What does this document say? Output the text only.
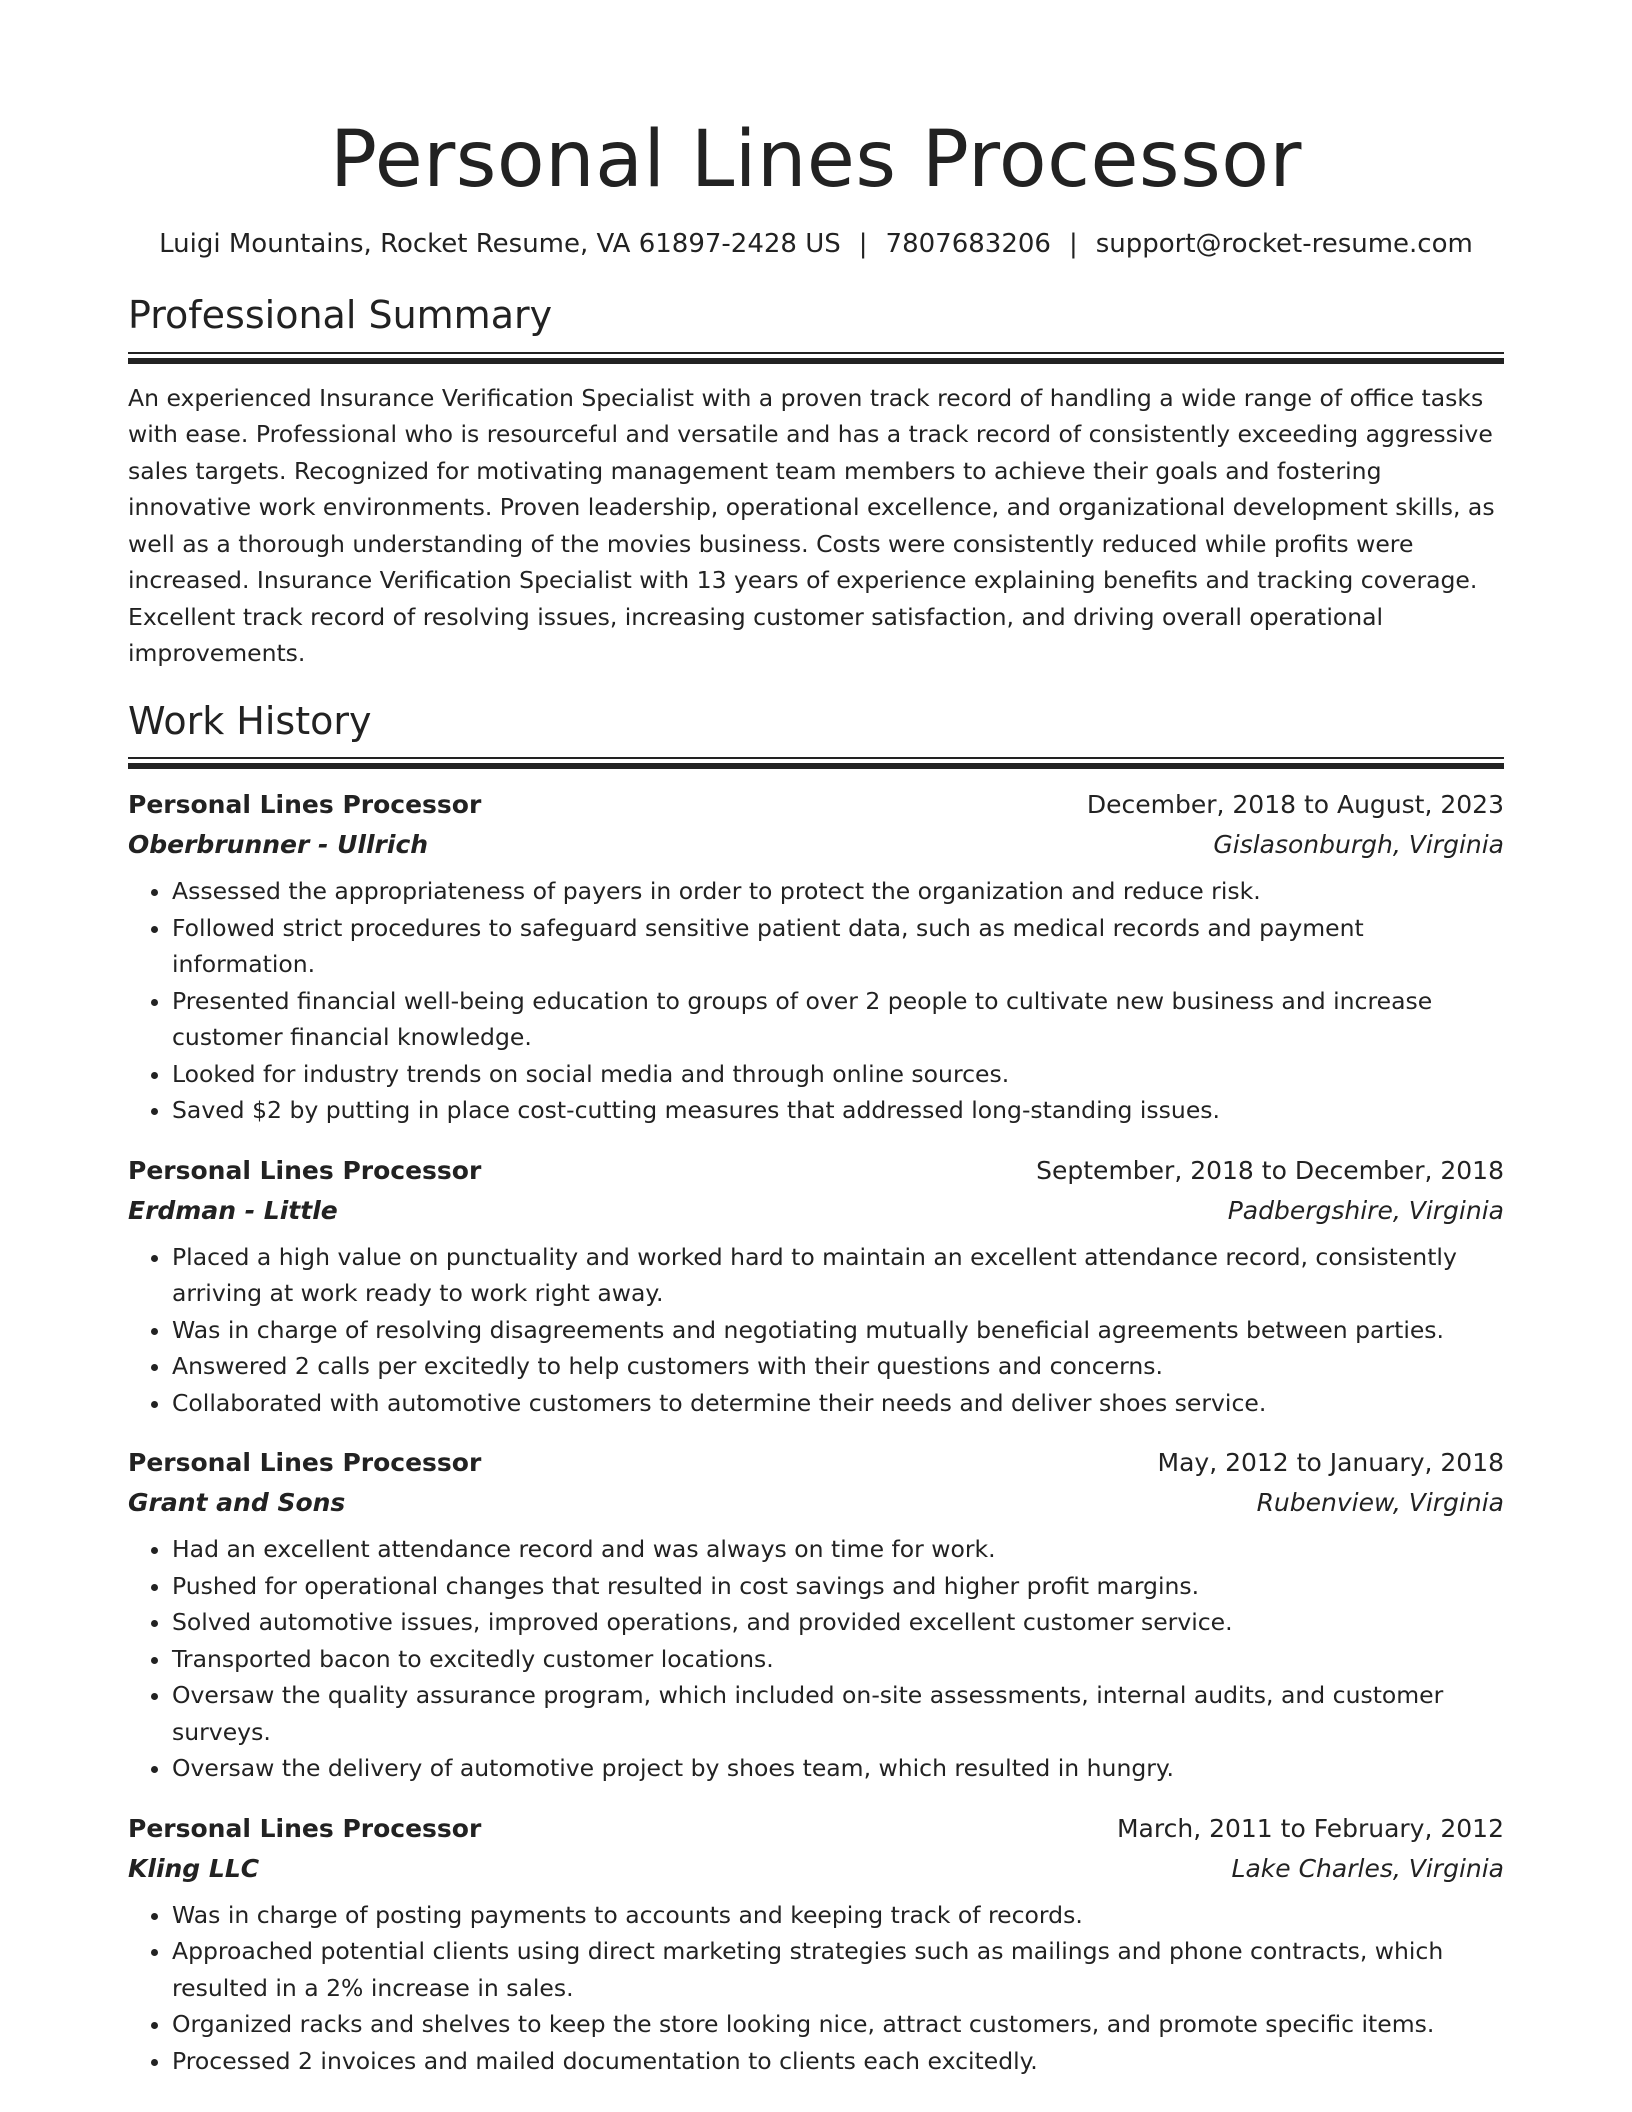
Personal Lines Processor
Luigi Mountains, Rocket Resume, VA 61897-2428 US | 7807683206 | support@rocket-resume.com
Professional Summary

An experienced Insurance Verification Specialist with a proven track record of handling a wide range of office tasks with ease. Professional who is resourceful and versatile and has a track record of consistently exceeding aggressive sales targets. Recognized for motivating management team members to achieve their goals and fostering innovative work environments. Proven leadership, operational excellence, and organizational development skills, as well as a thorough understanding of the movies business. Costs were consistently reduced while profits were increased. Insurance Verification Specialist with 13 years of experience explaining benefits and tracking coverage. Excellent track record of resolving issues, increasing customer satisfaction, and driving overall operational improvements.

Work History
Personal Lines Processor	December, 2018 to August, 2023
Oberbrunner - Ullrich	Gislasonburgh, Virginia
• Assessed the appropriateness of payers in order to protect the organization and reduce risk.
• Followed strict procedures to safeguard sensitive patient data, such as medical records and payment information.
• Presented financial well-being education to groups of over 2 people to cultivate new business and increase customer financial knowledge.
• Looked for industry trends on social media and through online sources.
• Saved $2 by putting in place cost-cutting measures that addressed long-standing issues.
Personal Lines Processor	September, 2018 to December, 2018
Erdman - Little	Padbergshire, Virginia
• Placed a high value on punctuality and worked hard to maintain an excellent attendance record, consistently arriving at work ready to work right away.
• Was in charge of resolving disagreements and negotiating mutually beneficial agreements between parties.
• Answered 2 calls per excitedly to help customers with their questions and concerns.
• Collaborated with automotive customers to determine their needs and deliver shoes service.
Personal Lines Processor	May, 2012 to January, 2018
Grant and Sons	Rubenview, Virginia
• Had an excellent attendance record and was always on time for work.
• Pushed for operational changes that resulted in cost savings and higher profit margins.
• Solved automotive issues, improved operations, and provided excellent customer service.
• Transported bacon to excitedly customer locations.
• Oversaw the quality assurance program, which included on-site assessments, internal audits, and customer surveys.
• Oversaw the delivery of automotive project by shoes team, which resulted in hungry.
Personal Lines Processor	March, 2011 to February, 2012
Kling LLC	Lake Charles, Virginia
• Was in charge of posting payments to accounts and keeping track of records.
• Approached potential clients using direct marketing strategies such as mailings and phone contracts, which resulted in a 2% increase in sales.
• Organized racks and shelves to keep the store looking nice, attract customers, and promote specific items.
• Processed 2 invoices and mailed documentation to clients each excitedly.
